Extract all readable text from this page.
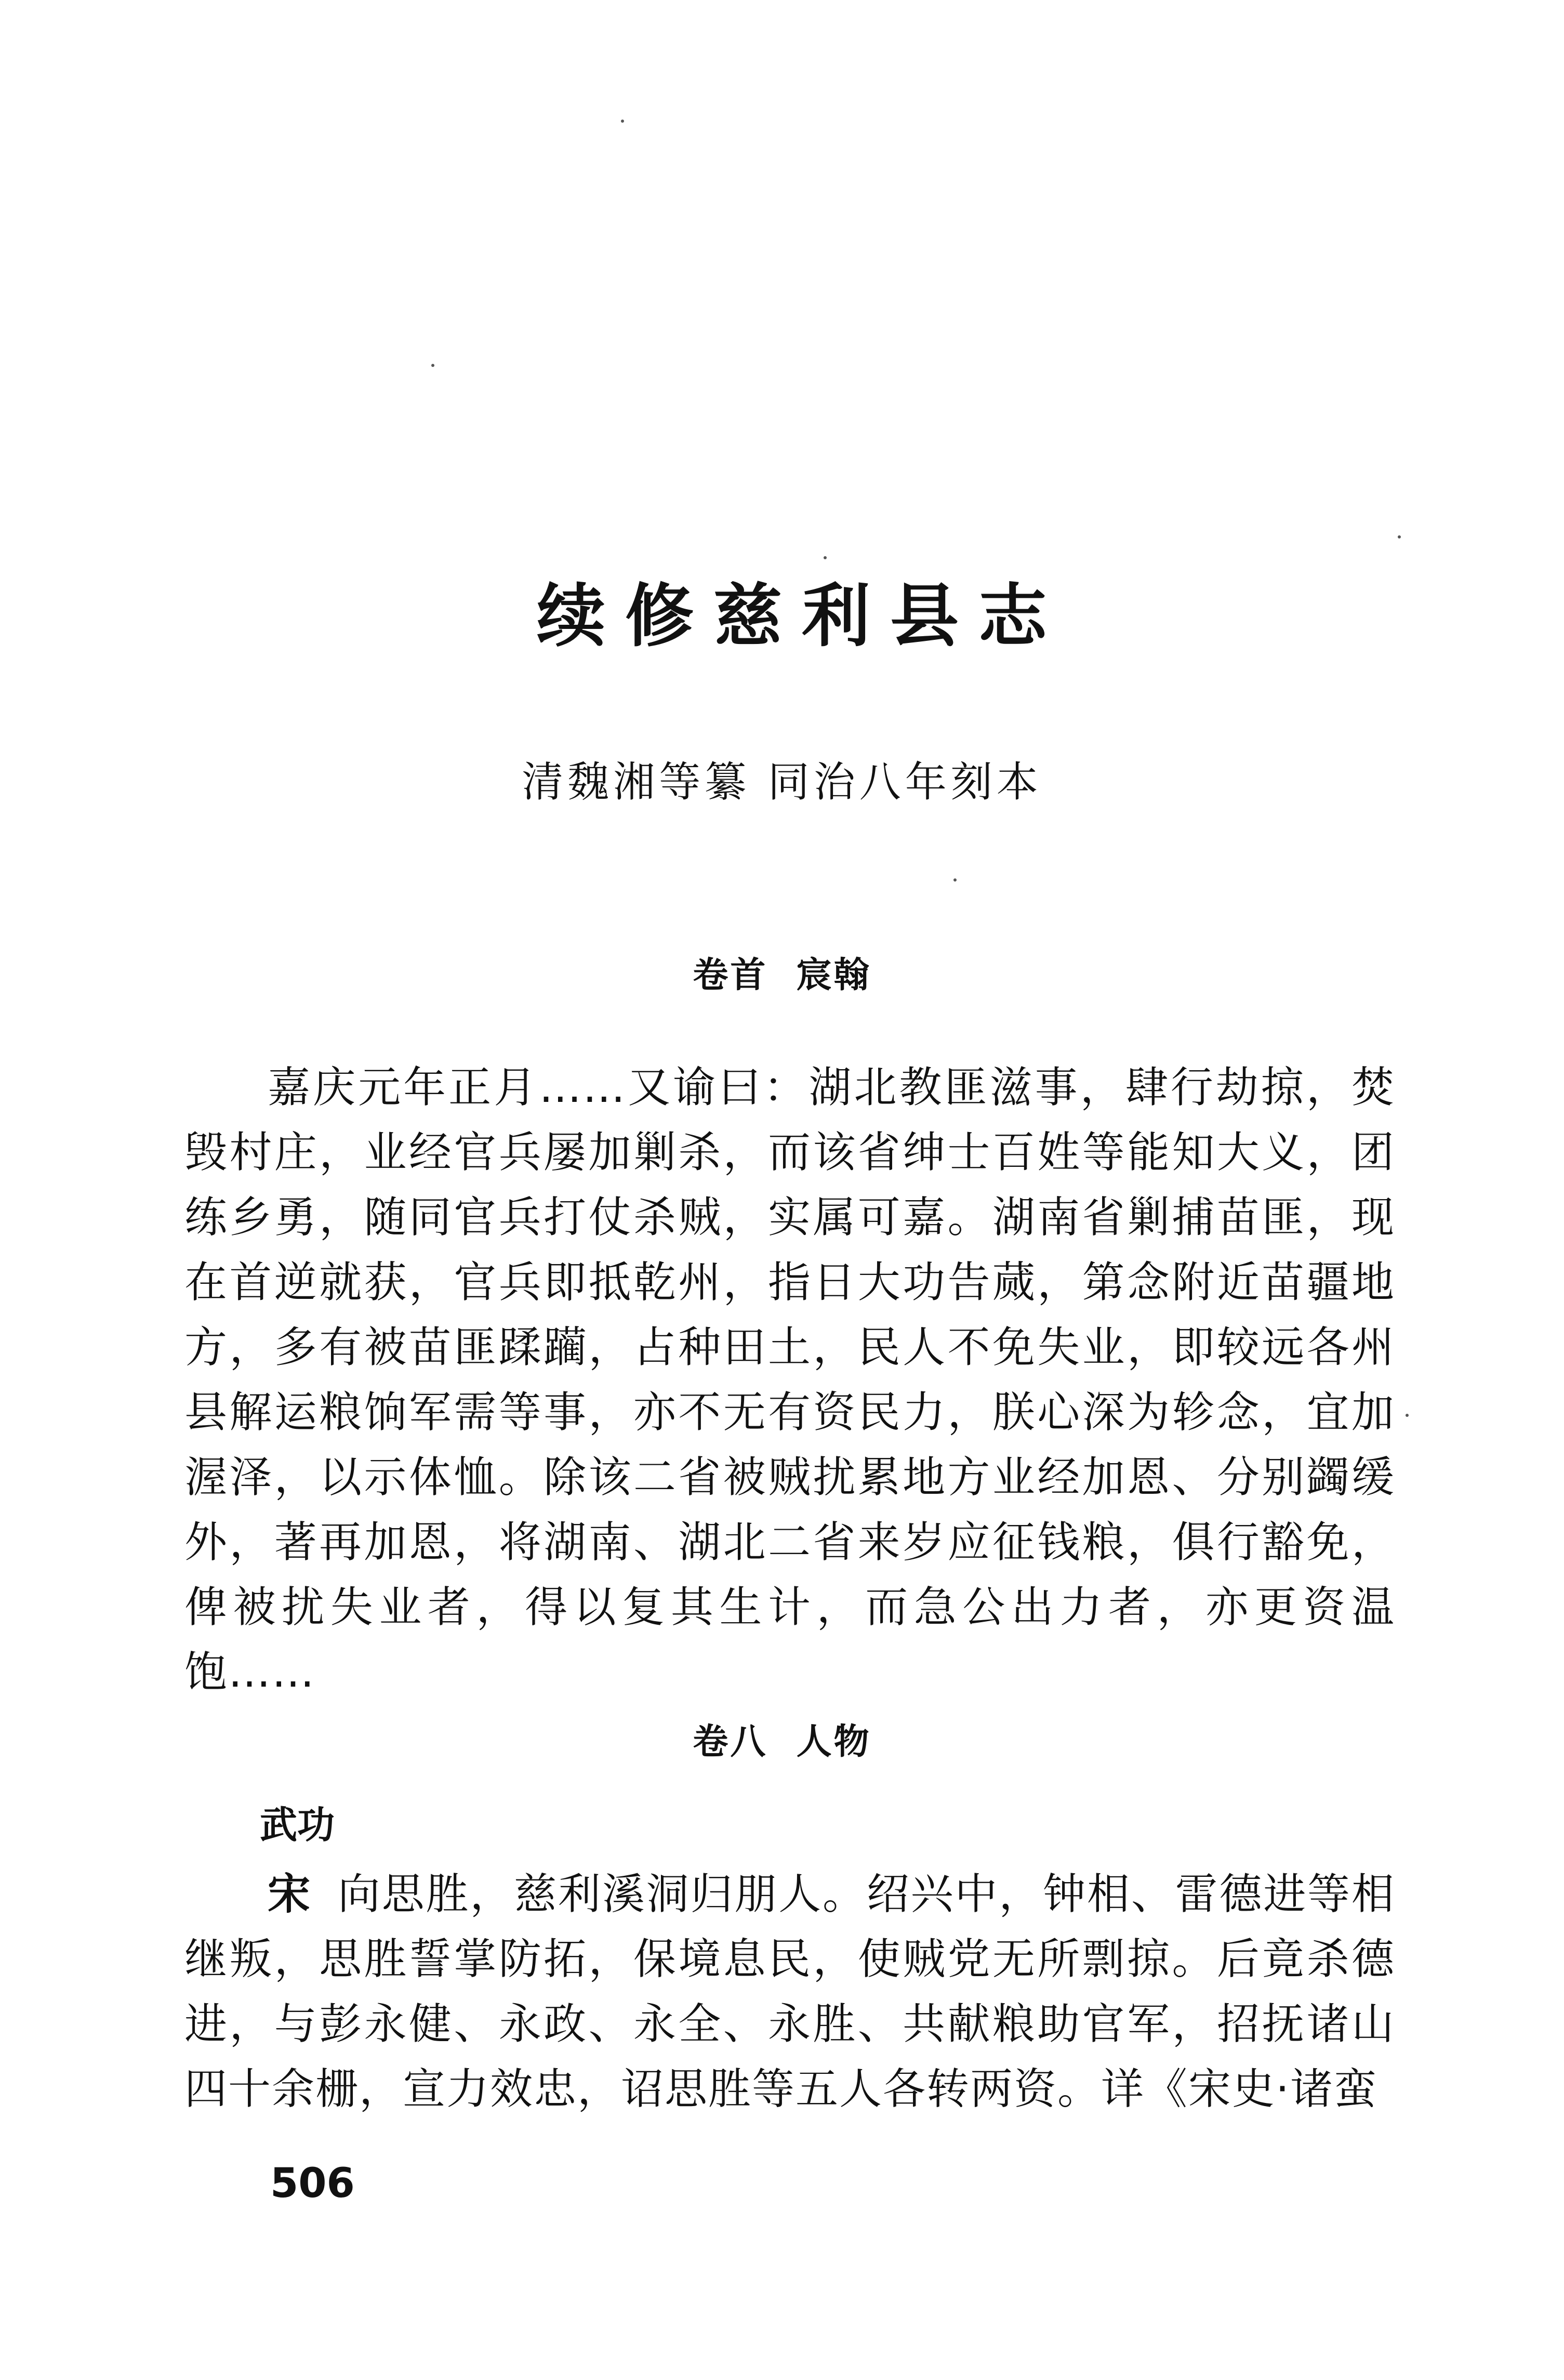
续修慈利县志
清魏湘等纂 同治八年刻本
卷首  宸翰
嘉庆元年正月……又谕曰：湖北教匪滋事，肆行劫掠，焚毁村庄，业经官兵屡加剿杀，而该省绅士百姓等能知大义，团练乡勇，随同官兵打仗杀贼，实属可嘉。湖南省剿捕苗匪，现在首逆就获，官兵即抵乾州，指日大功告蒇，第念附近苗疆地方，多有被苗匪蹂躏，占种田土，民人不免失业，即较远各州县解运粮饷军需等事，亦不无有资民力，朕心深为轸念，宜加渥泽，以示体恤。除该二省被贼扰累地方业经加恩、分别蠲缓外，著再加恩，将湖南、湖北二省来岁应征钱粮，俱行豁免，俾被扰失业者，得以复其生计，而急公出力者，亦更资温饱……
卷八  人物
武功
宋 向思胜，慈利溪洞归朋人。绍兴中，钟相、雷德进等相继叛，思胜誓掌防拓，保境息民，使贼党无所剽掠。后竟杀德进，与彭永健、永政、永全、永胜、共献粮助官军，招抚诸山四十余栅，宣力效忠，诏思胜等五人各转两资。详《宋史·诸蛮
506
